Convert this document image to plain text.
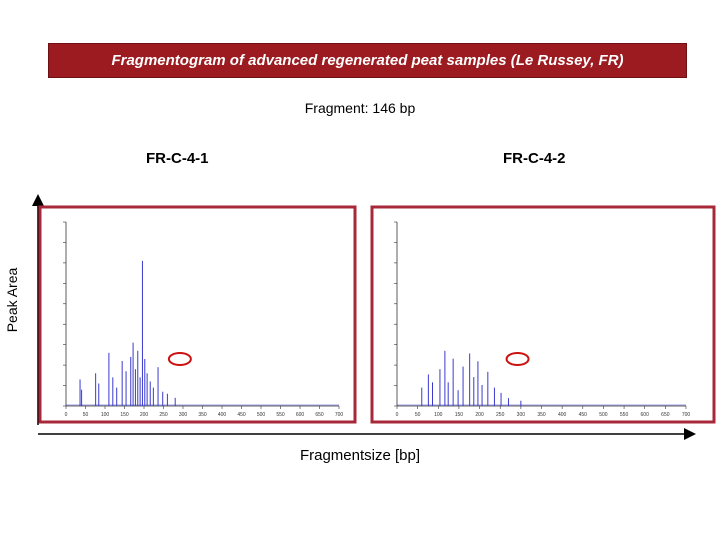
Fragmentogram of advanced regenerated peat samples (Le Russey, FR)
Fragment: 146 bp
FR-C-4-1	FR-C-4-2
Peak Area
Fragmentsize [bp]
0	50	100 150 200 250 300 350 400 450 500 550 600 650 700	0	50	100 150 200 250 300 350 400 450 500 550 600 650 700
